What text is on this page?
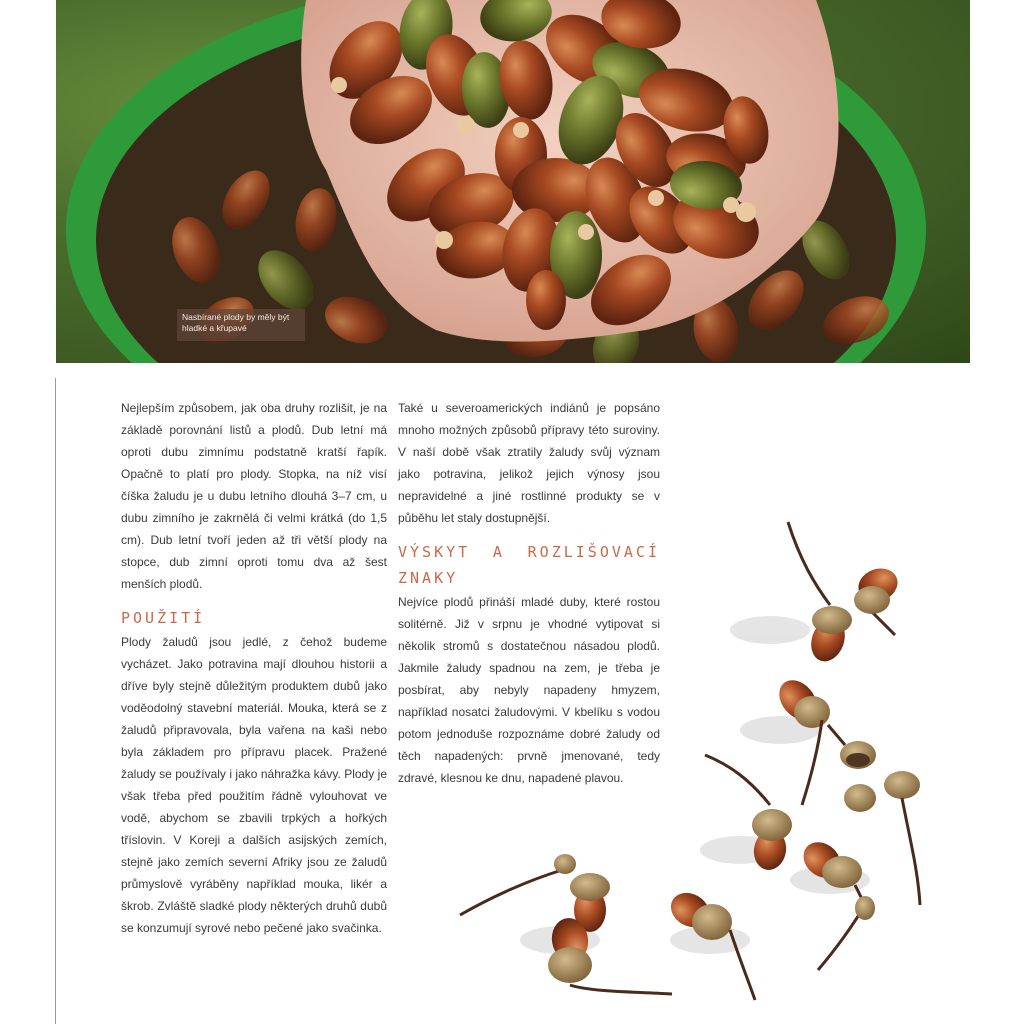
Nasbírané plody by měly být hladké a křupavé

Nejlepším způsobem, jak oba druhy rozlišit, je na základě porovnání listů a plodů. Dub letní má oproti dubu zimnímu podstatně kratší řapík. Opačně to platí pro plody. Stopka, na níž visí číška žaludu je u dubu letního dlouhá 3–7 cm, u dubu zimního je zakrnělá či velmi krátká (do 1,5 cm). Dub letní tvoří jeden až tři větší plody na stopce, dub zimní oproti tomu dva až šest menších plodů.

POUŽITÍ

Plody žaludů jsou jedlé, z čehož budeme vycházet. Jako potravina mají dlouhou historii a dříve byly stejně důležitým produktem dubů jako voděodolný stavební materiál. Mouka, která se z žaludů připravovala, byla vařena na kaši nebo byla základem pro přípravu placek. Pražené žaludy se používaly i jako náhražka kávy. Plody je však třeba před použitím řádně vylouhovat ve vodě, abychom se zbavili trpkých a hořkých tříslovin. V Koreji a dalších asijských zemích, stejně jako zemích severní Afriky jsou ze žaludů průmyslově vyráběny například mouka, likér a škrob. Zvláště sladké plody některých druhů dubů se konzumují syrové nebo pečené jako svačinka.

Také u severoamerických indiánů je popsáno mnoho možných způsobů přípravy této suroviny. V naší době však ztratily žaludy svůj význam jako potravina, jelikož jejich výnosy jsou nepravidelné a jiné rostlinné produkty se v půběhu let staly dostupnější.

VÝSKYT A ROZLIŠOVACÍ ZNAKY

Nejvíce plodů přináší mladé duby, které rostou solitérně. Již v srpnu je vhodné vytipovat si několik stromů s dostatečnou násadou plodů. Jakmile žaludy spadnou na zem, je třeba je posbírat, aby nebyly napadeny hmyzem, například nosatci žaludovými. V kbelíku s vodou potom jednoduše rozpoznáme dobré žaludy od těch napadených: prvně jmenované, tedy zdravé, klesnou ke dnu, napadené plavou.
